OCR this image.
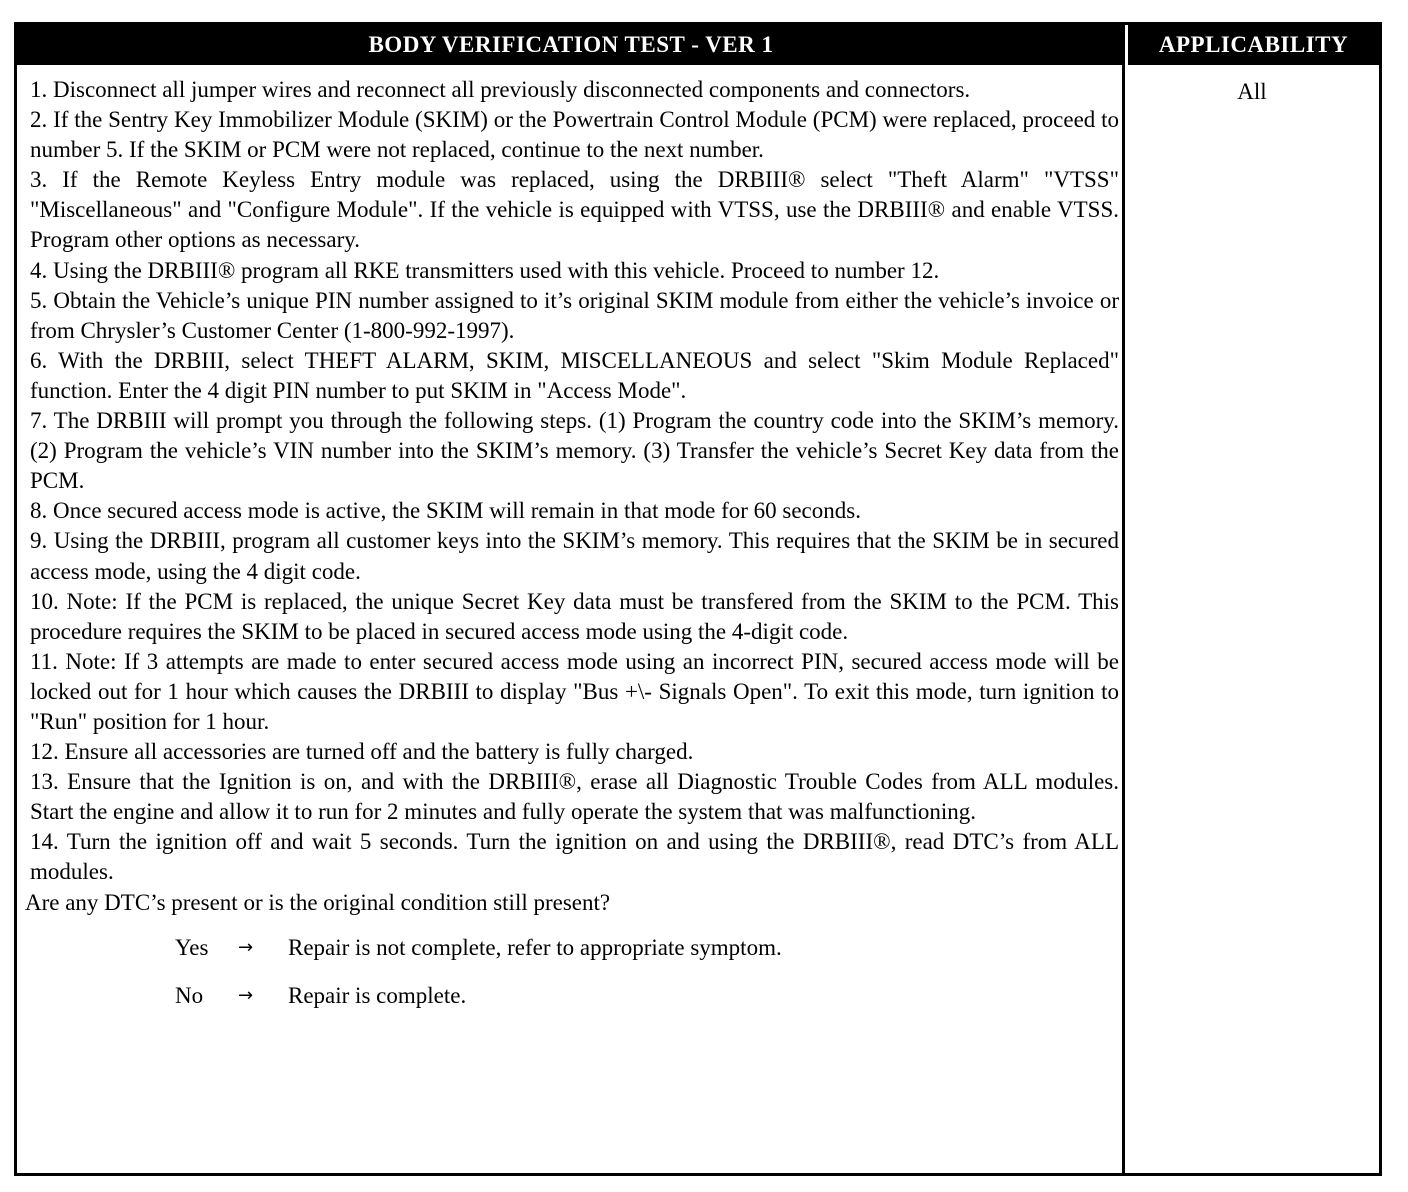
BODY VERIFICATION TEST - VER 1	APPLICABILITY

1. Disconnect all jumper wires and reconnect all previously disconnected components and connectors.

2. If the Sentry Key Immobilizer Module (SKIM) or the Powertrain Control Module (PCM) were replaced, proceed to number 5. If the SKIM or PCM were not replaced, continue to the next number.

3. If the Remote Keyless Entry module was replaced, using the DRBIII® select "Theft Alarm" "VTSS" "Miscellaneous" and "Configure Module". If the vehicle is equipped with VTSS, use the DRBIII® and enable VTSS. Program other options as necessary.

4. Using the DRBIII® program all RKE transmitters used with this vehicle. Proceed to number 12.

5. Obtain the Vehicle’s unique PIN number assigned to it’s original SKIM module from either the vehicle’s invoice or from Chrysler’s Customer Center (1-800-992-1997).

6. With the DRBIII, select THEFT ALARM, SKIM, MISCELLANEOUS and select "Skim Module Replaced" function. Enter the 4 digit PIN number to put SKIM in "Access Mode".

7. The DRBIII will prompt you through the following steps. (1) Program the country code into the SKIM’s memory. (2) Program the vehicle’s VIN number into the SKIM’s memory. (3) Transfer the vehicle’s Secret Key data from the PCM.

8. Once secured access mode is active, the SKIM will remain in that mode for 60 seconds.

9. Using the DRBIII, program all customer keys into the SKIM’s memory. This requires that the SKIM be in secured access mode, using the 4 digit code.

10. Note: If the PCM is replaced, the unique Secret Key data must be transfered from the SKIM to the PCM. This procedure requires the SKIM to be placed in secured access mode using the 4-digit code.

11. Note: If 3 attempts are made to enter secured access mode using an incorrect PIN, secured access mode will be locked out for 1 hour which causes the DRBIII to display "Bus +\- Signals Open". To exit this mode, turn ignition to "Run" position for 1 hour.

12. Ensure all accessories are turned off and the battery is fully charged.

13. Ensure that the Ignition is on, and with the DRBIII®, erase all Diagnostic Trouble Codes from ALL modules. Start the engine and allow it to run for 2 minutes and fully operate the system that was malfunctioning.

14. Turn the ignition off and wait 5 seconds. Turn the ignition on and using the DRBIII®, read DTC’s from ALL modules.

Are any DTC’s present or is the original condition still present?

Yes → Repair is not complete, refer to appropriate symptom.
No → Repair is complete.
All
